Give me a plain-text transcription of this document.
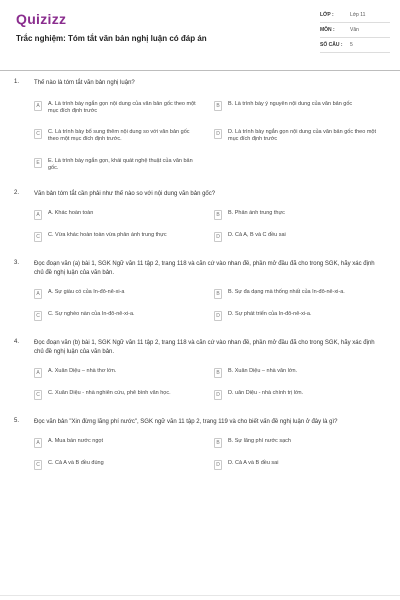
Quizizz
Trắc nghiệm: Tóm tắt văn bản nghị luận có đáp án
LỚP :	Lớp 11
MÔN :	Văn
SỐ CÂU :	5
1. Thế nào là tóm tắt văn bản nghị luận?
A	A. Là trình bày ngắn gọn nội dung của văn bản gốc theo một mục đích định trước
B	B. Là trình bày ý nguyên nội dung của văn bản gốc
C	C. Là trình bày bổ sung thêm nội dung so với văn bản gốc theo một mục đích định trước.
D	D. Là trình bày ngắn gọn nội dung của văn bản gốc theo một mục đích định trước
E	E. Là trình bày ngắn gọn, khái quát nghệ thuật của văn bản gốc.
2. Văn bản tóm tắt cần phải như thế nào so với nội dung văn bản gốc?
A	A. Khác hoàn toàn	B	B. Phản ánh trung thực
C	C. Vừa khác hoàn toàn vừa phản ánh trung thực	D	D. Cả A, B và C đều sai
3. Đọc đoạn văn (a) bài 1, SGK Ngữ văn 11 tập 2, trang 118 và căn cứ vào nhan đề, phần mở đầu đã cho trong SGK, hãy xác định chủ đề nghị luận của văn bản.
A	A. Sự giàu có của In-đô-nê-xi-a	B	B. Sự đa dạng mà thống nhất của In-đô-nê-xi-a.
C	C. Sự nghèo nàn của In-đô-nê-xi-a.	D	D. Sự phát triển của In-đô-nê-xi-a.
4. Đọc đoạn văn (b) bài 1, SGK Ngữ văn 11 tập 2, trang 118 và căn cứ vào nhan đề, phần mở đầu đã cho trong SGK, hãy xác định chủ đề nghị luận của văn bản.
A	A. Xuân Diệu – nhà thơ lớn.	B	B. Xuân Diệu – nhà văn lớn.
C	C. Xuân Diệu - nhà nghiên cứu, phê bình văn học.	D	D. uân Diệu - nhà chính trị lớn.
5. Đọc văn bản "Xin đừng lãng phí nước", SGK ngữ văn 11 tập 2, trang 119 và cho biết vấn đề nghị luận ở đây là gì?
A	A. Mua bán nước ngọt	B	B. Sự lãng phí nước sạch
C	C. Cả A và B đều đúng	D	D. Cả A và B đều sai
